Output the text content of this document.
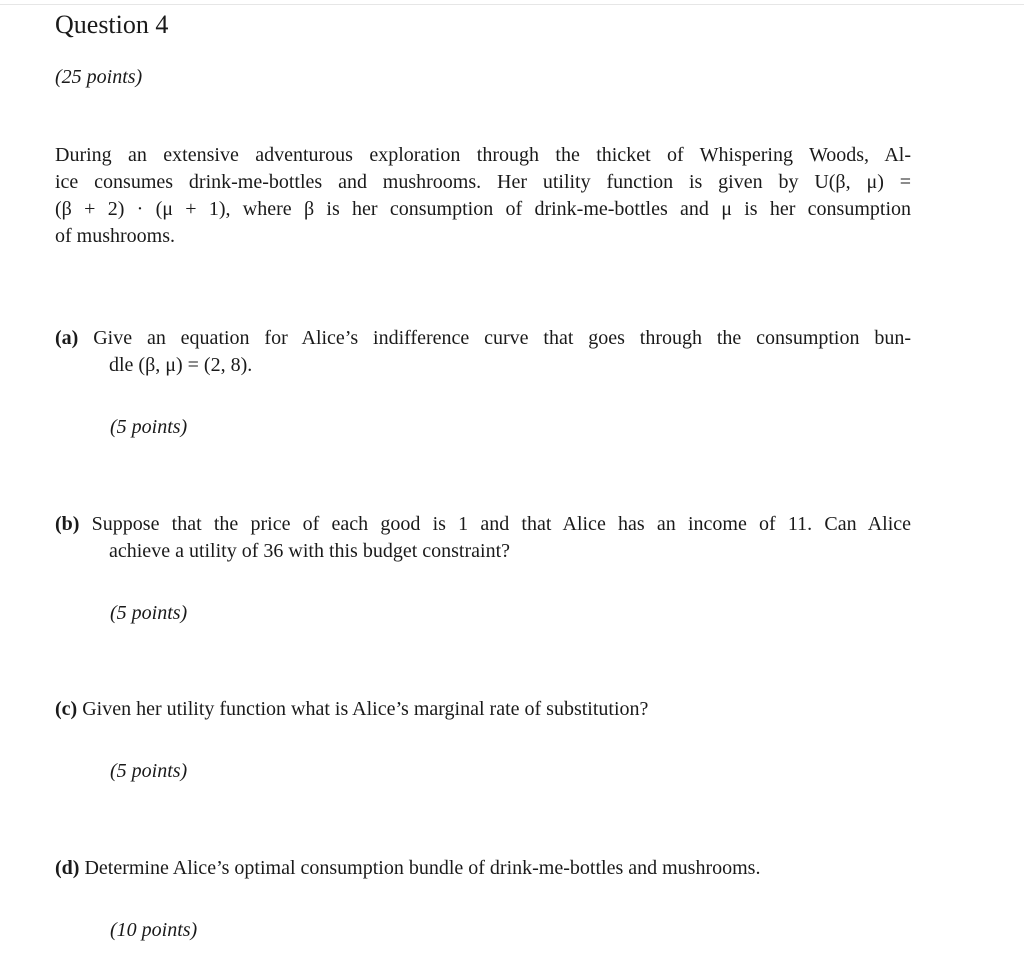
Question 4
(25 points)
During an extensive adventurous exploration through the thicket of Whispering Woods, Al-
ice consumes drink-me-bottles and mushrooms. Her utility function is given by U(β, μ) =
(β + 2) · (μ + 1), where β is her consumption of drink-me-bottles and μ is her consumption
of mushrooms.
(a) Give an equation for Alice’s indifference curve that goes through the consumption bun-
dle (β, μ) = (2, 8).
(5 points)
(b) Suppose that the price of each good is 1 and that Alice has an income of 11. Can Alice
achieve a utility of 36 with this budget constraint?
(5 points)
(c) Given her utility function what is Alice’s marginal rate of substitution?
(5 points)
(d) Determine Alice’s optimal consumption bundle of drink-me-bottles and mushrooms.
(10 points)
